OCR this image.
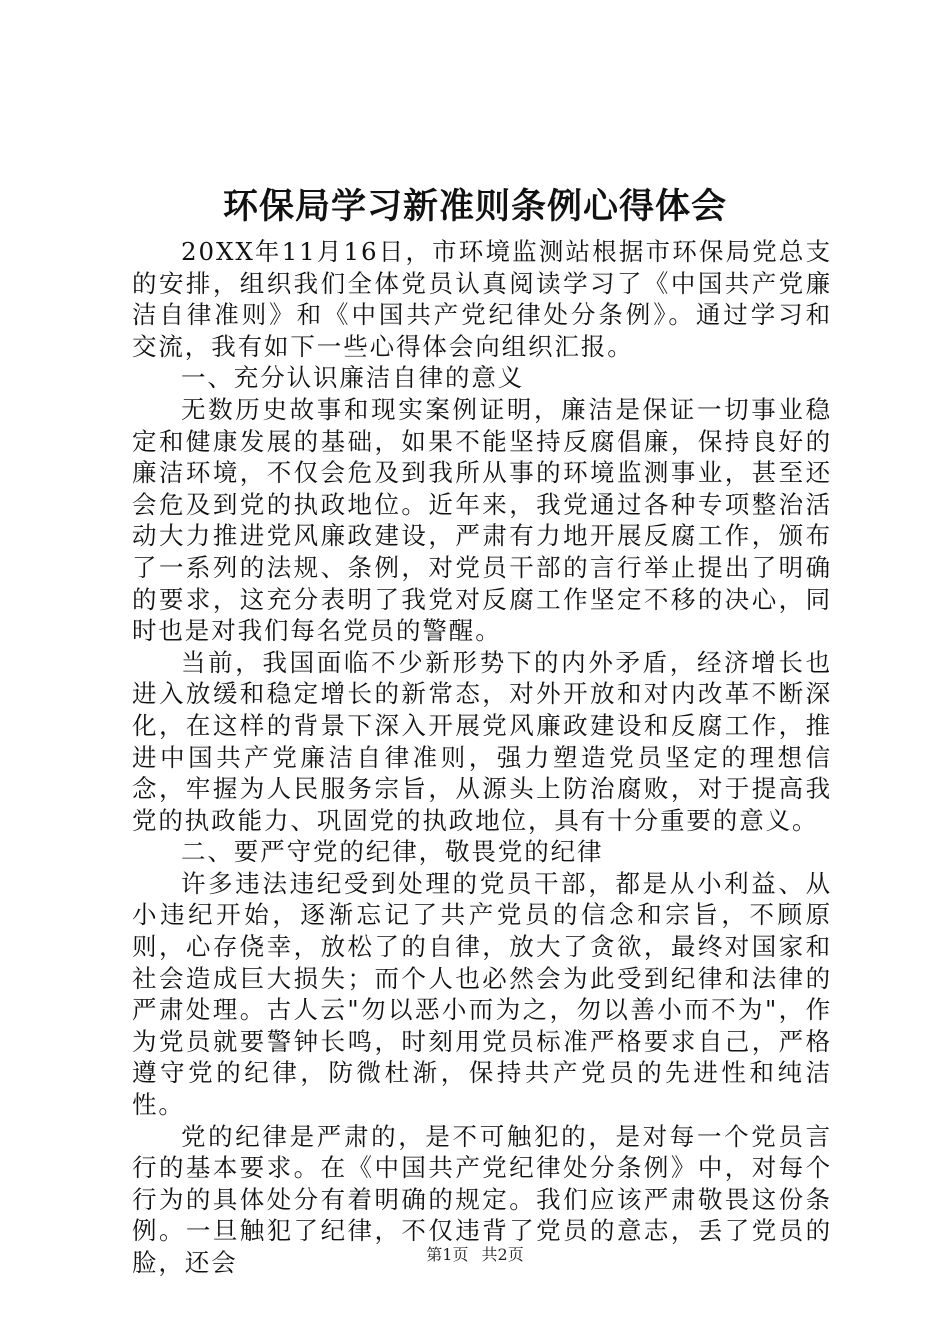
环保局学习新准则条例心得体会

20XX年11月16日，市环境监测站根据市环保局党总支的安排，组织我们全体党员认真阅读学习了《中国共产党廉洁自律准则》和《中国共产党纪律处分条例》。通过学习和交流，我有如下一些心得体会向组织汇报。

一、充分认识廉洁自律的意义

无数历史故事和现实案例证明，廉洁是保证一切事业稳定和健康发展的基础，如果不能坚持反腐倡廉，保持良好的廉洁环境，不仅会危及到我所从事的环境监测事业，甚至还会危及到党的执政地位。近年来，我党通过各种专项整治活动大力推进党风廉政建设，严肃有力地开展反腐工作，颁布了一系列的法规、条例，对党员干部的言行举止提出了明确的要求，这充分表明了我党对反腐工作坚定不移的决心，同时也是对我们每名党员的警醒。

当前，我国面临不少新形势下的内外矛盾，经济增长也进入放缓和稳定增长的新常态，对外开放和对内改革不断深化，在这样的背景下深入开展党风廉政建设和反腐工作，推进中国共产党廉洁自律准则，强力塑造党员坚定的理想信念，牢握为人民服务宗旨，从源头上防治腐败，对于提高我党的执政能力、巩固党的执政地位，具有十分重要的意义。

二、要严守党的纪律，敬畏党的纪律

许多违法违纪受到处理的党员干部，都是从小利益、从小违纪开始，逐渐忘记了共产党员的信念和宗旨，不顾原则，心存侥幸，放松了的自律，放大了贪欲，最终对国家和社会造成巨大损失；而个人也必然会为此受到纪律和法律的严肃处理。古人云"勿以恶小而为之，勿以善小而不为"，作为党员就要警钟长鸣，时刻用党员标准严格要求自己，严格遵守党的纪律，防微杜渐，保持共产党员的先进性和纯洁性。

党的纪律是严肃的，是不可触犯的，是对每一个党员言行的基本要求。在《中国共产党纪律处分条例》中，对每个行为的具体处分有着明确的规定。我们应该严肃敬畏这份条例。一旦触犯了纪律，不仅违背了党员的意志，丢了党员的脸，还会	第1页 共2页
